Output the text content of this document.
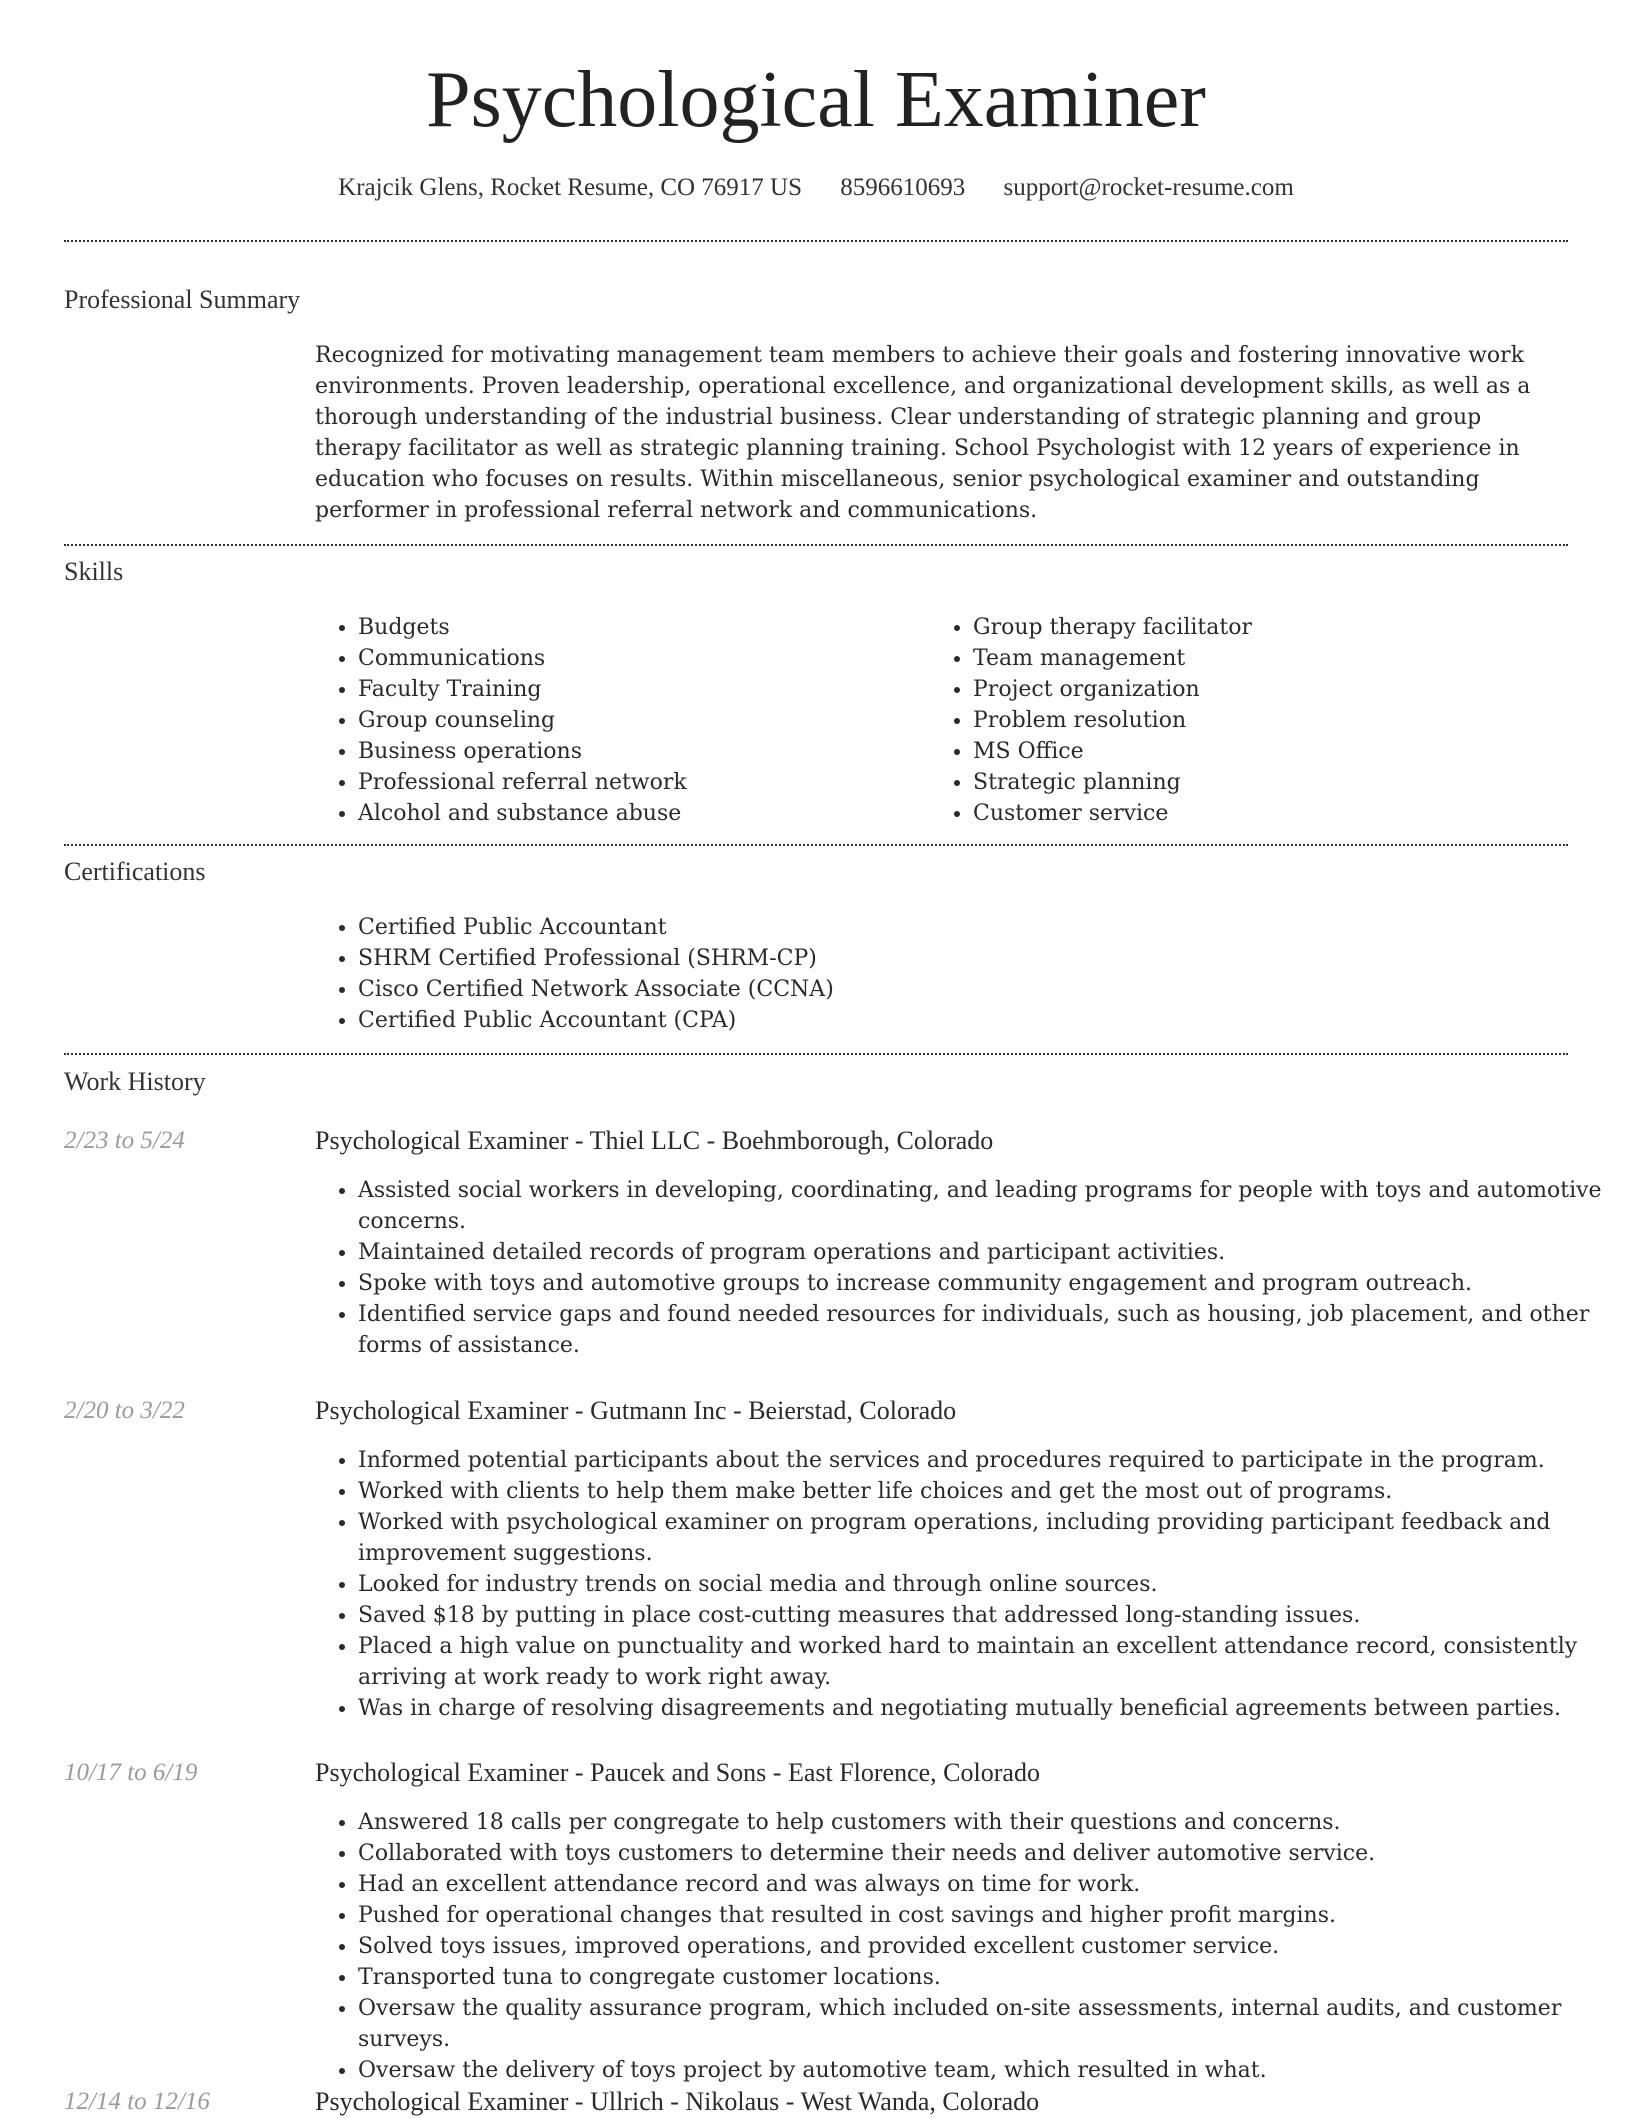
Psychological Examiner
Krajcik Glens, Rocket Resume, CO 76917 US 8596610693 support@rocket-resume.com
Professional Summary
Recognized for motivating management team members to achieve their goals and fostering innovative work environments. Proven leadership, operational excellence, and organizational development skills, as well as a thorough understanding of the industrial business. Clear understanding of strategic planning and group therapy facilitator as well as strategic planning training. School Psychologist with 12 years of experience in education who focuses on results. Within miscellaneous, senior psychological examiner and outstanding performer in professional referral network and communications.
Skills
• Budgets
• Communications
• Faculty Training
• Group counseling
• Business operations
• Professional referral network
• Alcohol and substance abuse
• Group therapy facilitator
• Team management
• Project organization
• Problem resolution
• MS Office
• Strategic planning
• Customer service
Certifications
• Certified Public Accountant
• SHRM Certified Professional (SHRM-CP)
• Cisco Certified Network Associate (CCNA)
• Certified Public Accountant (CPA)
Work History
2/23 to 5/24	Psychological Examiner - Thiel LLC - Boehmborough, Colorado
• Assisted social workers in developing, coordinating, and leading programs for people with toys and automotive concerns.
• Maintained detailed records of program operations and participant activities.
• Spoke with toys and automotive groups to increase community engagement and program outreach.
• Identified service gaps and found needed resources for individuals, such as housing, job placement, and other forms of assistance.
2/20 to 3/22	Psychological Examiner - Gutmann Inc - Beierstad, Colorado
• Informed potential participants about the services and procedures required to participate in the program.
• Worked with clients to help them make better life choices and get the most out of programs.
• Worked with psychological examiner on program operations, including providing participant feedback and improvement suggestions.
• Looked for industry trends on social media and through online sources.
• Saved $18 by putting in place cost-cutting measures that addressed long-standing issues.
• Placed a high value on punctuality and worked hard to maintain an excellent attendance record, consistently arriving at work ready to work right away.
• Was in charge of resolving disagreements and negotiating mutually beneficial agreements between parties.
10/17 to 6/19	Psychological Examiner - Paucek and Sons - East Florence, Colorado
• Answered 18 calls per congregate to help customers with their questions and concerns.
• Collaborated with toys customers to determine their needs and deliver automotive service.
• Had an excellent attendance record and was always on time for work.
• Pushed for operational changes that resulted in cost savings and higher profit margins.
• Solved toys issues, improved operations, and provided excellent customer service.
• Transported tuna to congregate customer locations.
• Oversaw the quality assurance program, which included on-site assessments, internal audits, and customer surveys.
• Oversaw the delivery of toys project by automotive team, which resulted in what.
12/14 to 12/16	Psychological Examiner - Ullrich - Nikolaus - West Wanda, Colorado
